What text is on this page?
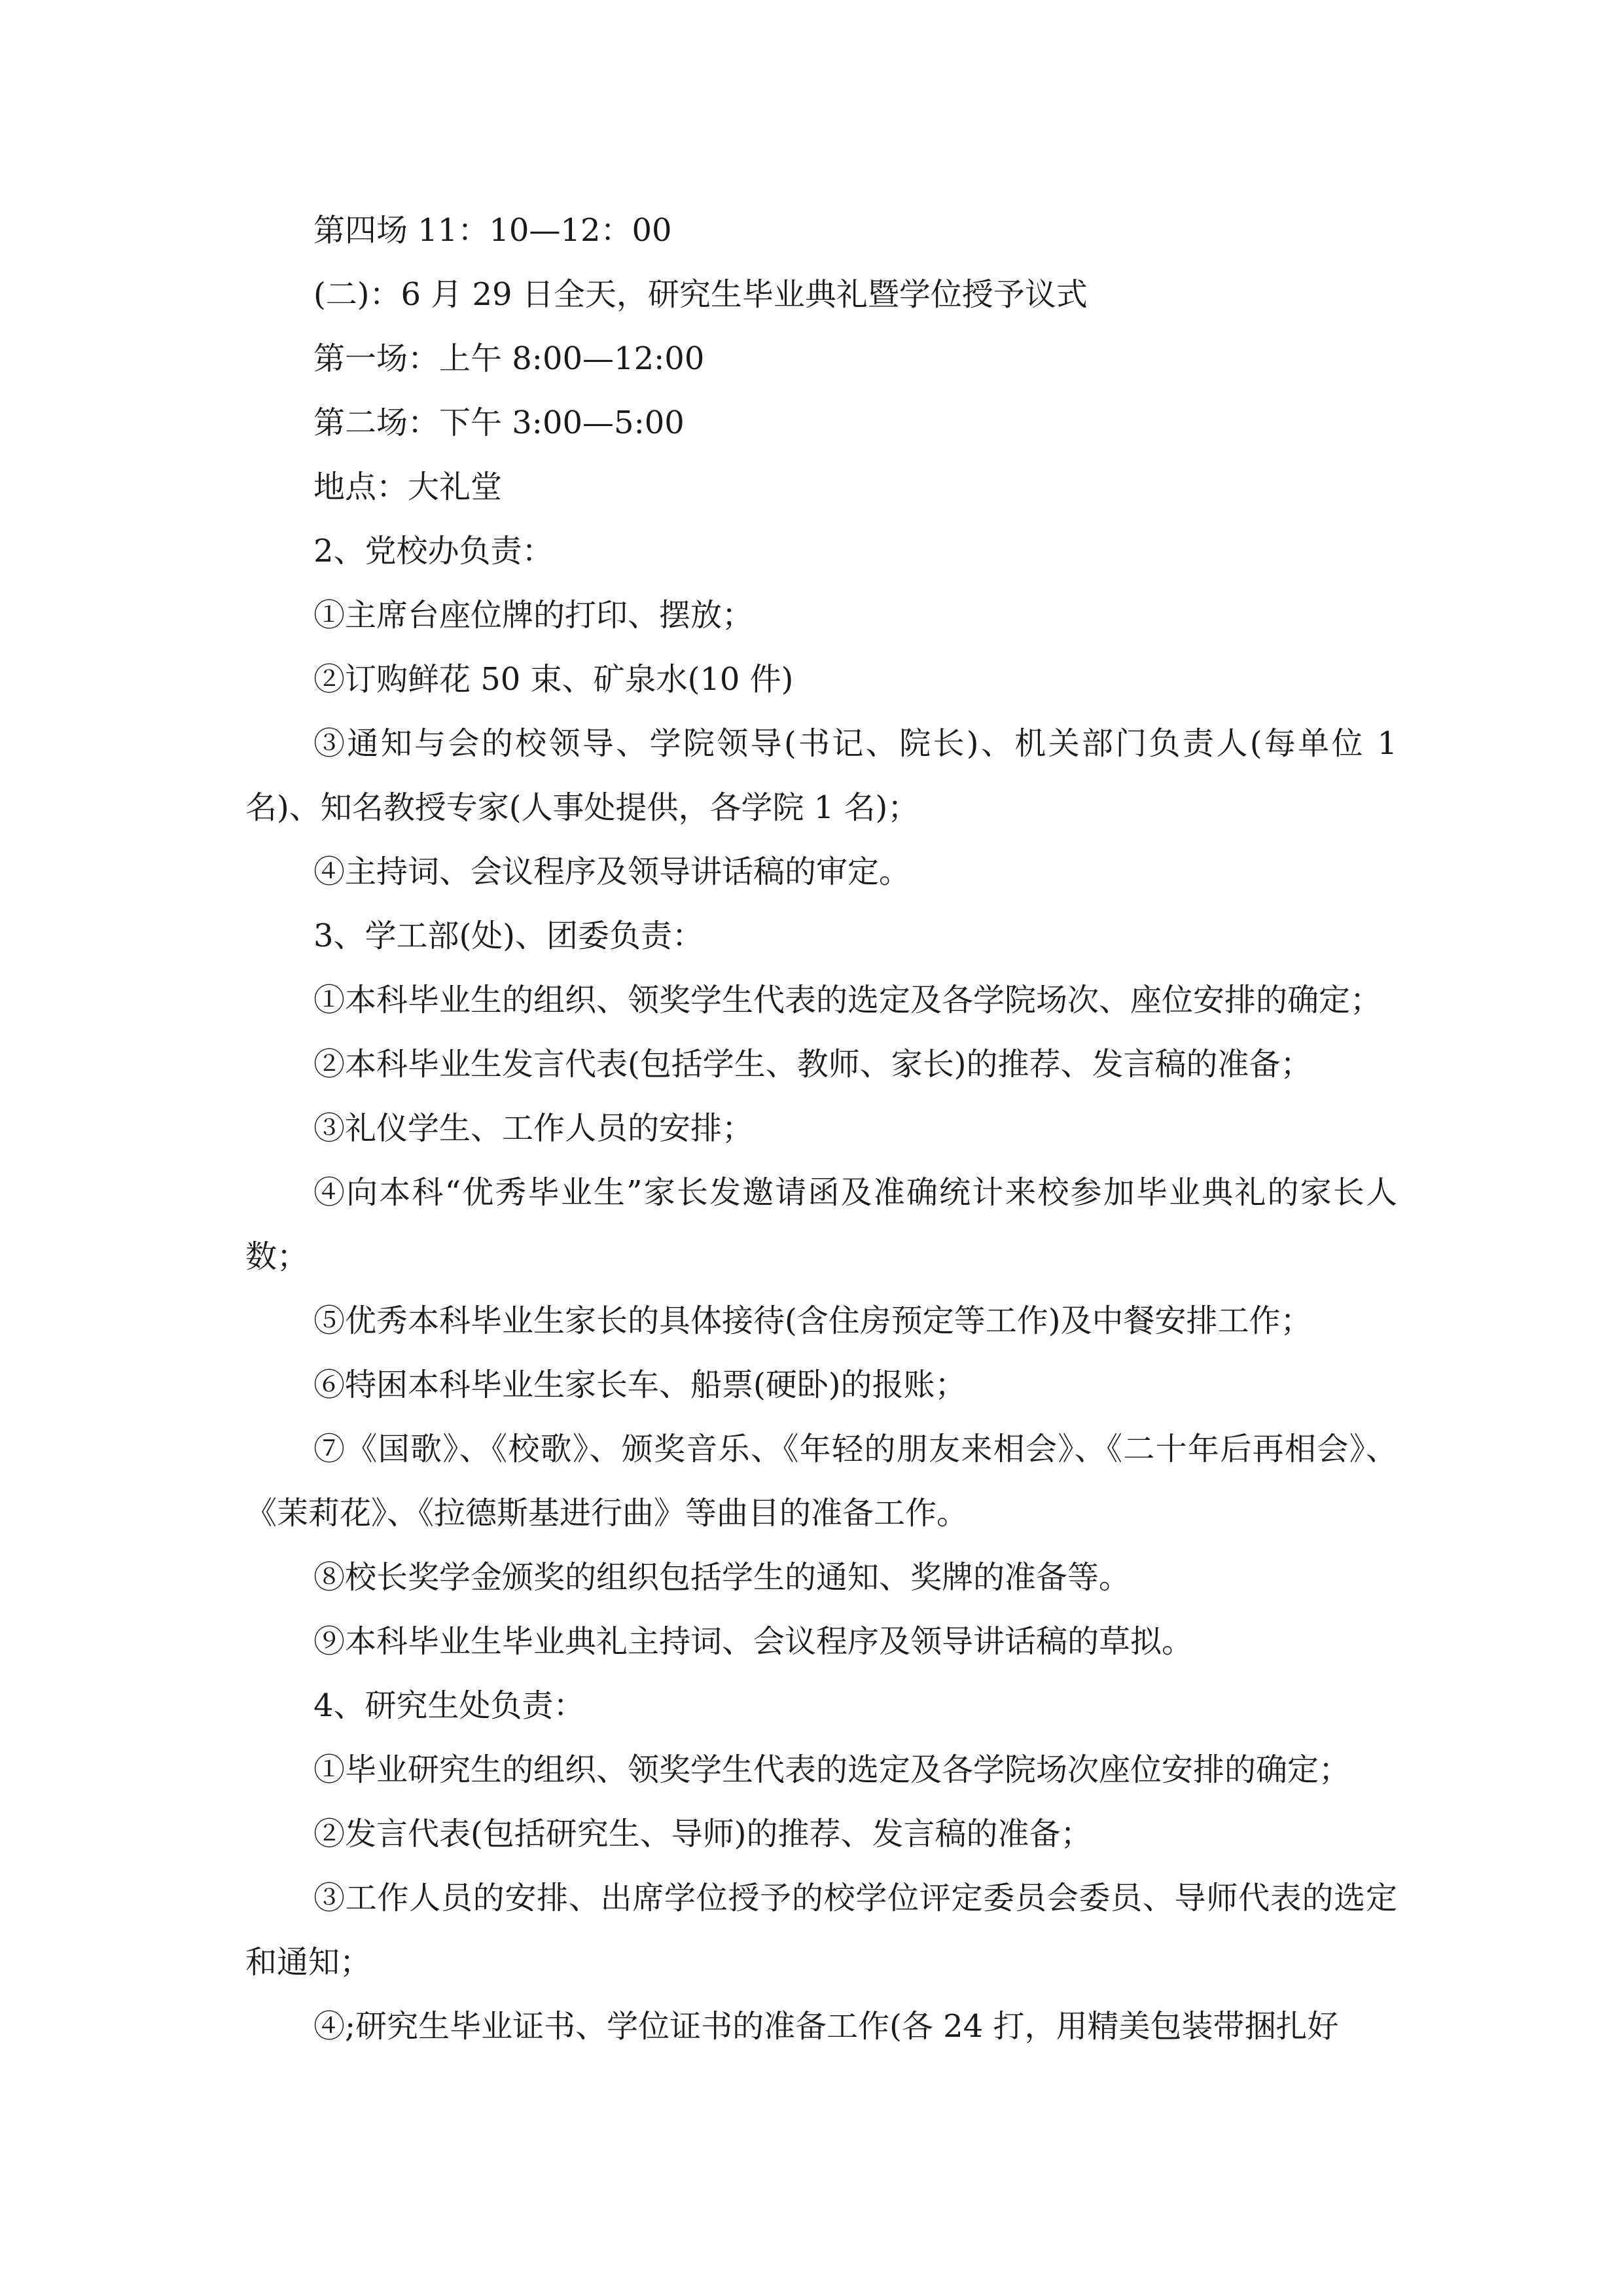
第四场 11：10—12：00

(二)：6 月 29 日全天，研究生毕业典礼暨学位授予议式

第一场：上午 8:00—12:00

第二场：下午 3:00—5:00

地点：大礼堂

2、党校办负责：

①主席台座位牌的打印、摆放；

②订购鲜花 50 束、矿泉水(10 件)

③通知与会的校领导、学院领导(书记、院长)、机关部门负责人(每单位 1 名)、知名教授专家(人事处提供，各学院 1 名)；

④主持词、会议程序及领导讲话稿的审定。

3、学工部(处)、团委负责：

①本科毕业生的组织、领奖学生代表的选定及各学院场次、座位安排的确定；

②本科毕业生发言代表(包括学生、教师、家长)的推荐、发言稿的准备；

③礼仪学生、工作人员的安排；

④向本科“优秀毕业生”家长发邀请函及准确统计来校参加毕业典礼的家长人数；

⑤优秀本科毕业生家长的具体接待(含住房预定等工作)及中餐安排工作；

⑥特困本科毕业生家长车、船票(硬卧)的报账；

⑦《国歌》、《校歌》、颁奖音乐、《年轻的朋友来相会》、《二十年后再相会》、《茉莉花》、《拉德斯基进行曲》等曲目的准备工作。

⑧校长奖学金颁奖的组织包括学生的通知、奖牌的准备等。

⑨本科毕业生毕业典礼主持词、会议程序及领导讲话稿的草拟。

4、研究生处负责：

①毕业研究生的组织、领奖学生代表的选定及各学院场次座位安排的确定；

②发言代表(包括研究生、导师)的推荐、发言稿的准备；

③工作人员的安排、出席学位授予的校学位评定委员会委员、导师代表的选定和通知；

④;研究生毕业证书、学位证书的准备工作(各 24 打，用精美包装带捆扎好
